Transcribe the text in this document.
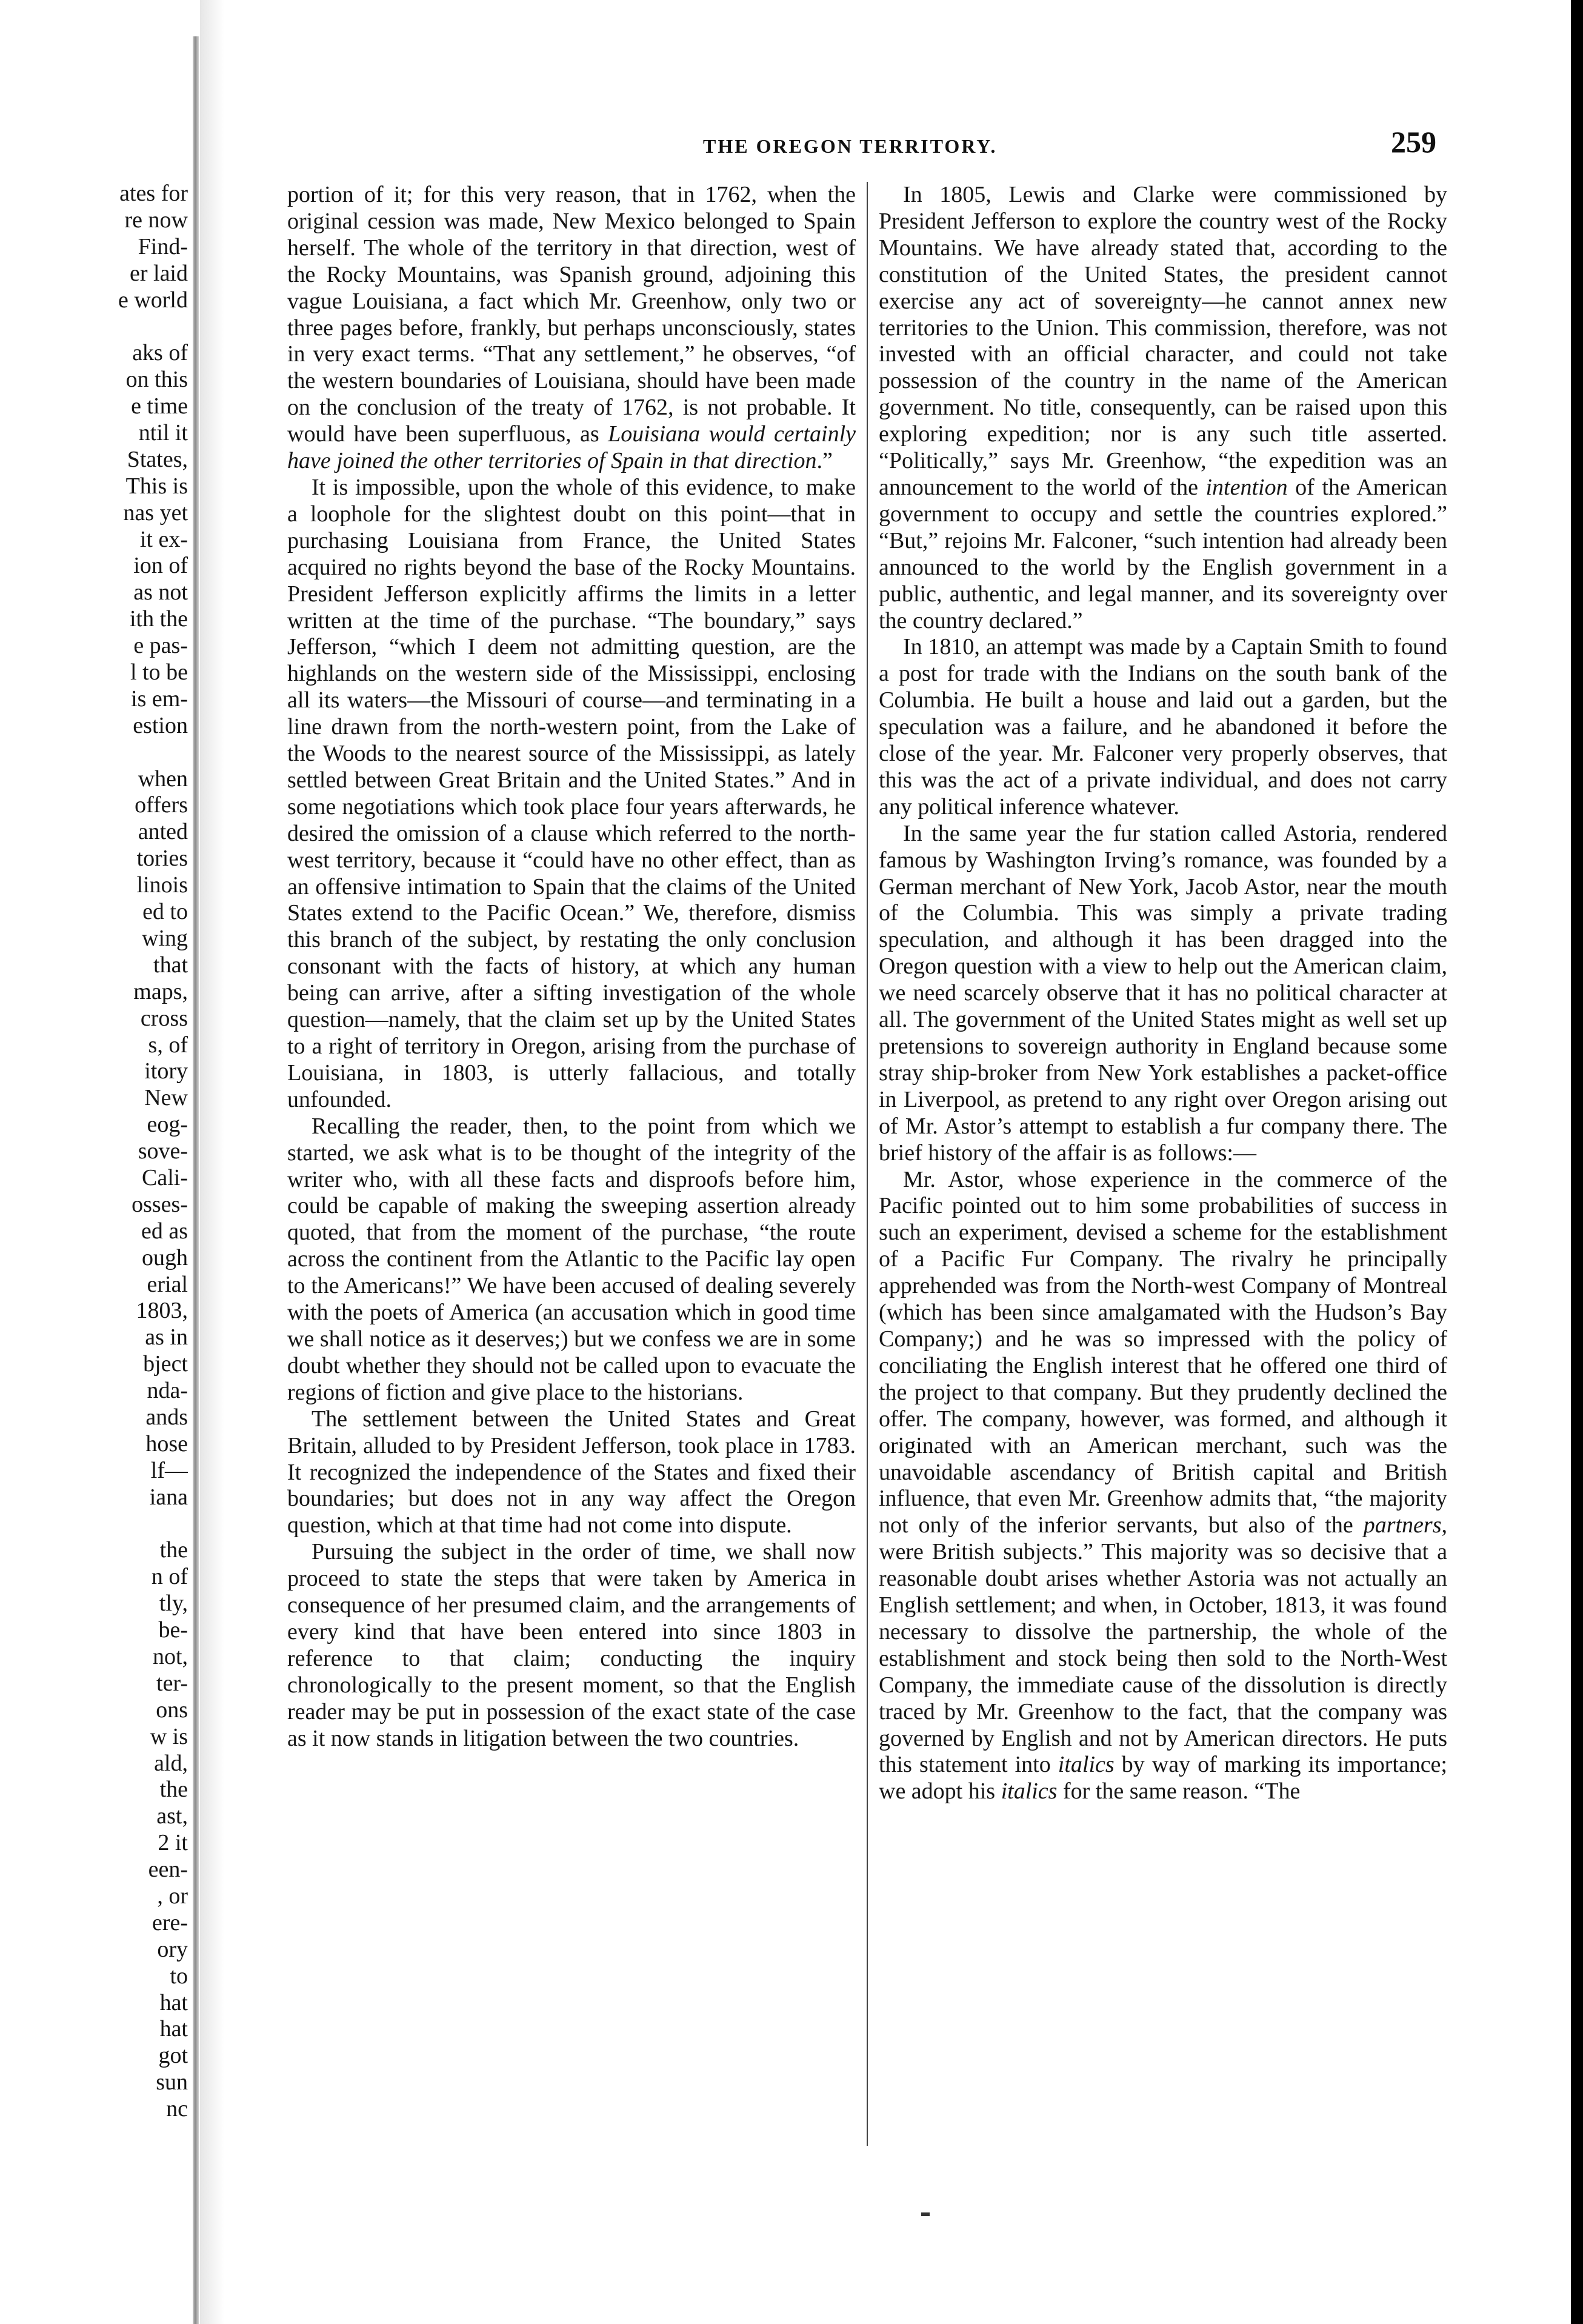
ates for
re now
Find-
er laid
e world
aks of
on this
e time
ntil it
States,
This is
nas yet
it ex-
ion of
as not
ith the
e pas-
l to be
is em-
estion
when
offers
anted
tories
linois
ed to
wing
that
maps,
cross
s, of
itory
New
eog-
sove-
Cali-
osses-
ed as
ough
erial
1803,
as in
bject
nda-
ands
hose
lf—
iana
the
n of
tly,
be-
not,
ter-
ons
w is
ald,
the
ast,
2 it
een-
, or
ere-
ory
to
hat
hat
got
sun
nc
THE OREGON TERRITORY.	259

portion of it; for this very reason, that in 1762, when the original cession was made, New Mexico belonged to Spain herself. The whole of the territory in that direction, west of the Rocky Mountains, was Spanish ground, adjoining this vague Louisiana, a fact which Mr. Greenhow, only two or three pages before, frankly, but perhaps unconsciously, states in very exact terms. “That any settlement,” he observes, “of the western boundaries of Louisiana, should have been made on the conclusion of the treaty of 1762, is not probable. It would have been superfluous, as Louisiana would certainly have joined the other territories of Spain in that direction.”

It is impossible, upon the whole of this evidence, to make a loophole for the slightest doubt on this point—that in purchasing Louisiana from France, the United States acquired no rights beyond the base of the Rocky Mountains. President Jefferson explicitly affirms the limits in a letter written at the time of the purchase. “The boundary,” says Jefferson, “which I deem not admitting question, are the highlands on the western side of the Mississippi, enclosing all its waters—the Missouri of course—and terminating in a line drawn from the north-western point, from the Lake of the Woods to the nearest source of the Mississippi, as lately settled between Great Britain and the United States.” And in some negotiations which took place four years afterwards, he desired the omission of a clause which referred to the north-west territory, because it “could have no other effect, than as an offensive intimation to Spain that the claims of the United States extend to the Pacific Ocean.” We, therefore, dismiss this branch of the subject, by restating the only conclusion consonant with the facts of history, at which any human being can arrive, after a sifting investigation of the whole question—namely, that the claim set up by the United States to a right of territory in Oregon, arising from the purchase of Louisiana, in 1803, is utterly fallacious, and totally unfounded.

Recalling the reader, then, to the point from which we started, we ask what is to be thought of the integrity of the writer who, with all these facts and disproofs before him, could be capable of making the sweeping assertion already quoted, that from the moment of the purchase, “the route across the continent from the Atlantic to the Pacific lay open to the Americans!” We have been accused of dealing severely with the poets of America (an accusation which in good time we shall notice as it deserves;) but we confess we are in some doubt whether they should not be called upon to evacuate the regions of fiction and give place to the historians.

The settlement between the United States and Great Britain, alluded to by President Jefferson, took place in 1783. It recognized the independence of the States and fixed their boundaries; but does not in any way affect the Oregon question, which at that time had not come into dispute.

Pursuing the subject in the order of time, we shall now proceed to state the steps that were taken by America in consequence of her presumed claim, and the arrangements of every kind that have been entered into since 1803 in reference to that claim; conducting the inquiry chronologically to the present moment, so that the English reader may be put in possession of the exact state of the case as it now stands in litigation between the two countries.

In 1805, Lewis and Clarke were commissioned by President Jefferson to explore the country west of the Rocky Mountains. We have already stated that, according to the constitution of the United States, the president cannot exercise any act of sovereignty—he cannot annex new territories to the Union. This commission, therefore, was not invested with an official character, and could not take possession of the country in the name of the American government. No title, consequently, can be raised upon this exploring expedition; nor is any such title asserted. “Politically,” says Mr. Greenhow, “the expedition was an announcement to the world of the intention of the American government to occupy and settle the countries explored.” “But,” rejoins Mr. Falconer, “such intention had already been announced to the world by the English government in a public, authentic, and legal manner, and its sovereignty over the country declared.”

In 1810, an attempt was made by a Captain Smith to found a post for trade with the Indians on the south bank of the Columbia. He built a house and laid out a garden, but the speculation was a failure, and he abandoned it before the close of the year. Mr. Falconer very properly observes, that this was the act of a private individual, and does not carry any political inference whatever.

In the same year the fur station called Astoria, rendered famous by Washington Irving’s romance, was founded by a German merchant of New York, Jacob Astor, near the mouth of the Columbia. This was simply a private trading speculation, and although it has been dragged into the Oregon question with a view to help out the American claim, we need scarcely observe that it has no political character at all. The government of the United States might as well set up pretensions to sovereign authority in England because some stray ship-broker from New York establishes a packet-office in Liverpool, as pretend to any right over Oregon arising out of Mr. Astor’s attempt to establish a fur company there. The brief history of the affair is as follows:—

Mr. Astor, whose experience in the commerce of the Pacific pointed out to him some probabilities of success in such an experiment, devised a scheme for the establishment of a Pacific Fur Company. The rivalry he principally apprehended was from the North-west Company of Montreal (which has been since amalgamated with the Hudson’s Bay Company;) and he was so impressed with the policy of conciliating the English interest that he offered one third of the project to that company. But they prudently declined the offer. The company, however, was formed, and although it originated with an American merchant, such was the unavoidable ascendancy of British capital and British influence, that even Mr. Greenhow admits that, “the majority not only of the inferior servants, but also of the partners, were British subjects.” This majority was so decisive that a reasonable doubt arises whether Astoria was not actually an English settlement; and when, in October, 1813, it was found necessary to dissolve the partnership, the whole of the establishment and stock being then sold to the North-West Company, the immediate cause of the dissolution is directly traced by Mr. Greenhow to the fact, that the company was governed by English and not by American directors. He puts this statement into italics by way of marking its importance; we adopt his italics for the same reason. “The
